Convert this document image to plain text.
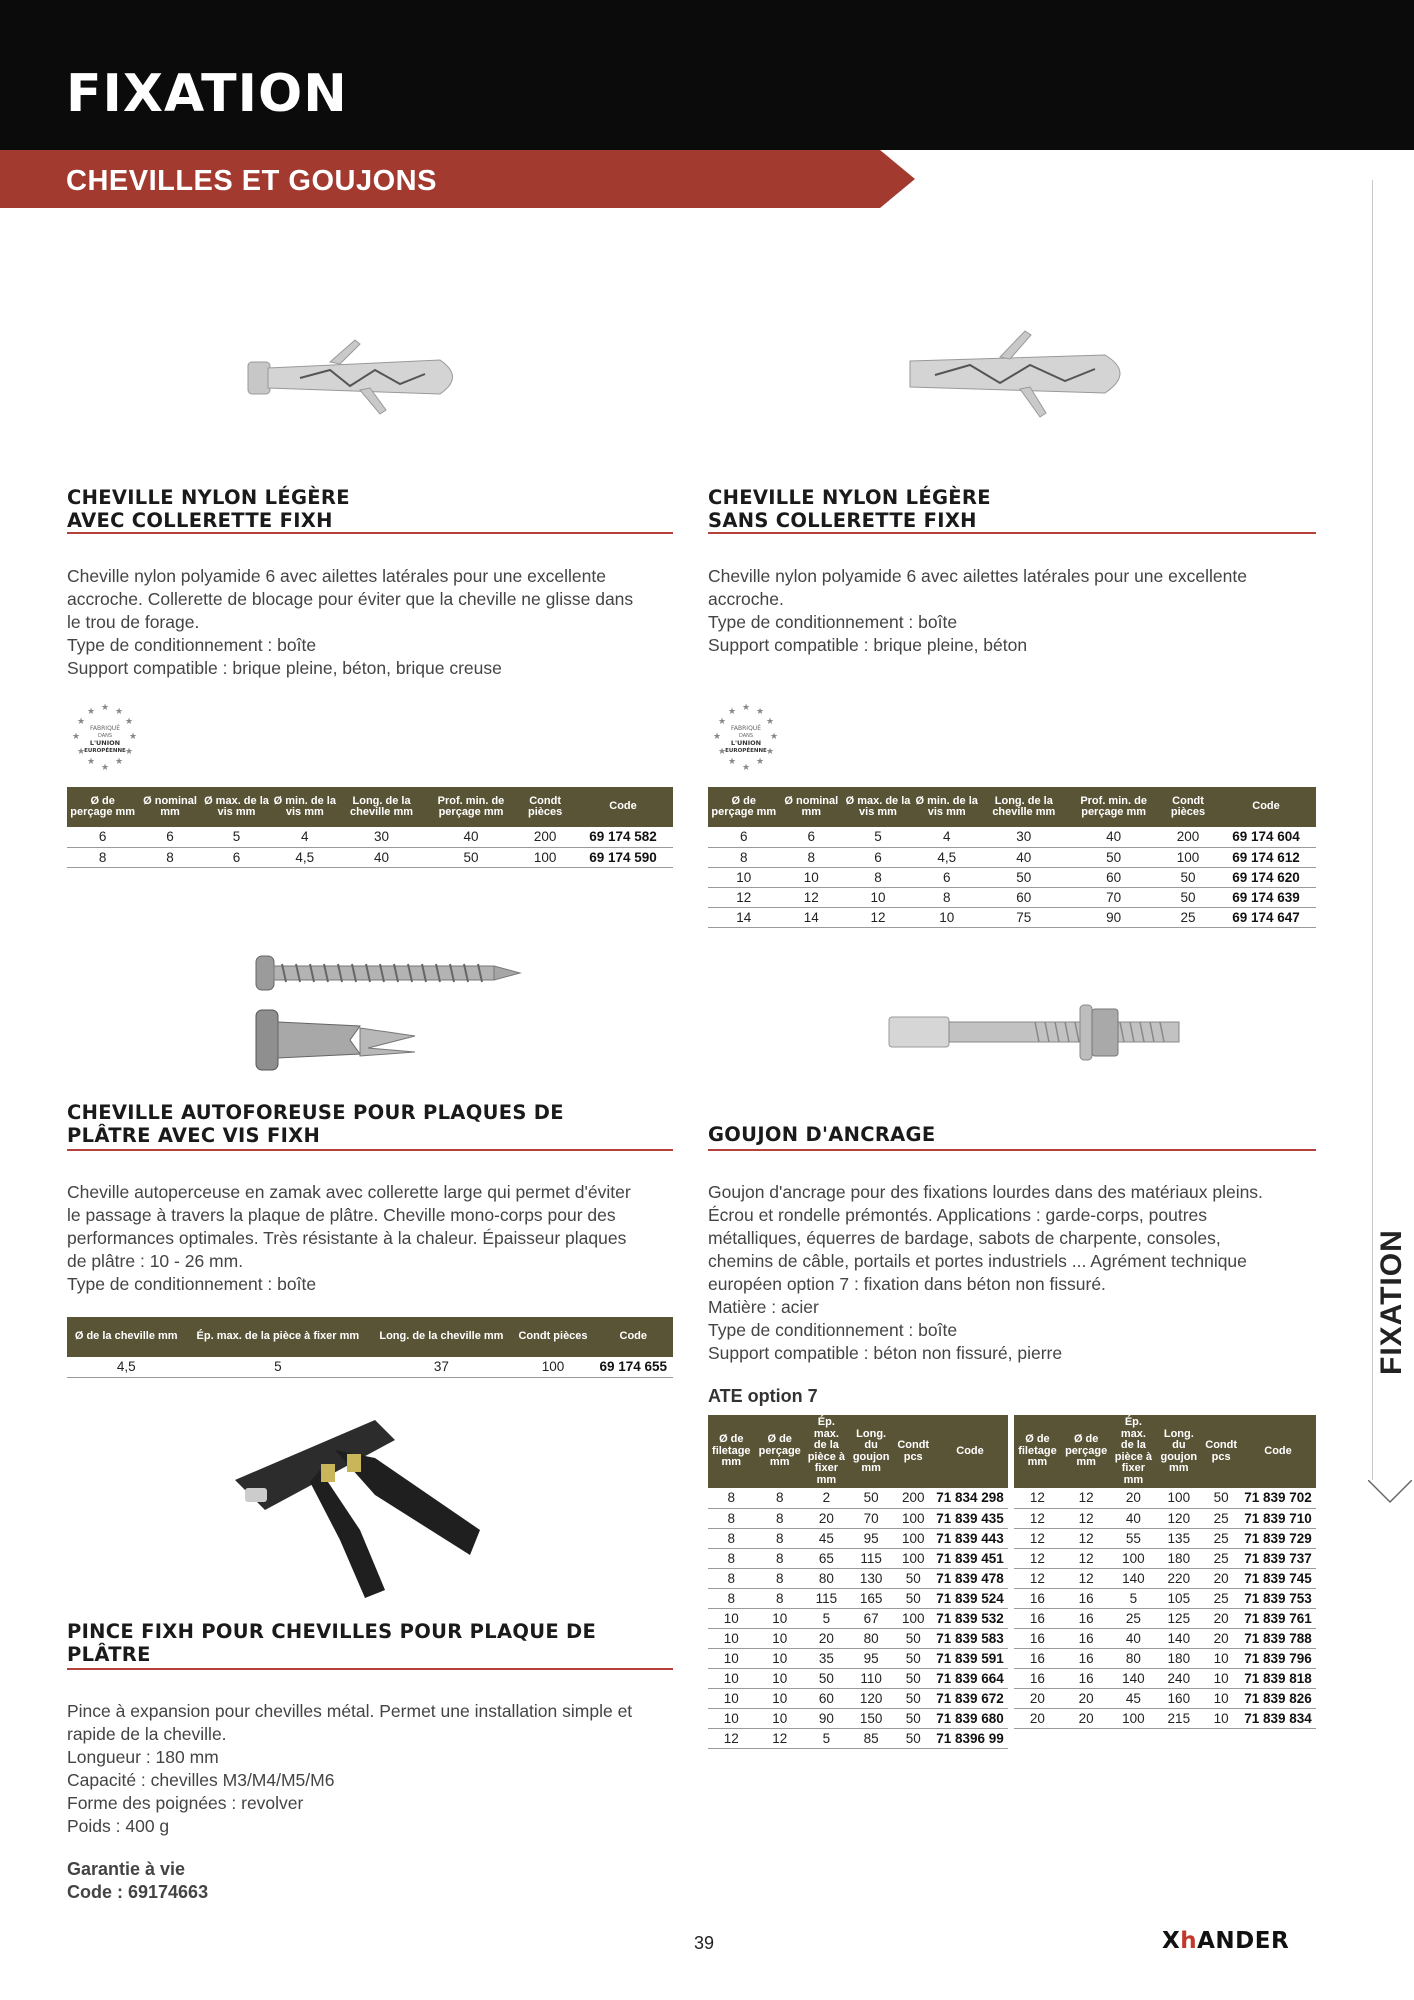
FIXATION
CHEVILLES ET GOUJONS
FIXATION
CHEVILLE NYLON LÉGÈRE
AVEC COLLERETTE FIXH
Cheville nylon polyamide 6 avec ailettes latérales pour une excellente
accroche. Collerette de blocage pour éviter que la cheville ne glisse dans
le trou de forage.
Type de conditionnement : boîte
Support compatible : brique pleine, béton, brique creuse
★ ★
★
★
★
★
★
★
★
★
★
★
FABRIQUÉ
DANS
L'UNION
EUROPÉENNE
Ø de perçage mm	Ø nominal mm	Ø max. de la vis mm	Ø min. de la vis mm	Long. de la cheville mm	Prof. min. de perçage mm	Condt pièces	Code
6	6	5	4	30	40	200	69 174 582
8	8	6	4,5	40	50	100	69 174 590
CHEVILLE NYLON LÉGÈRE
SANS COLLERETTE FIXH
Cheville nylon polyamide 6 avec ailettes latérales pour une excellente
accroche.
Type de conditionnement : boîte
Support compatible : brique pleine, béton
★ ★
★
★
★
★
★
★
★
★
★
★
FABRIQUÉ
DANS
L'UNION
EUROPÉENNE
Ø de perçage mm	Ø nominal mm	Ø max. de la vis mm	Ø min. de la vis mm	Long. de la cheville mm	Prof. min. de perçage mm	Condt pièces	Code
6	6	5	4	30	40	200	69 174 604
8	8	6	4,5	40	50	100	69 174 612
10	10	8	6	50	60	50	69 174 620
12	12	10	8	60	70	50	69 174 639
14	14	12	10	75	90	25	69 174 647
CHEVILLE AUTOFOREUSE POUR PLAQUES DE
PLÂTRE AVEC VIS FIXH
Cheville autoperceuse en zamak avec collerette large qui permet d'éviter
le passage à travers la plaque de plâtre. Cheville mono-corps pour des
performances optimales. Très résistante à la chaleur. Épaisseur plaques
de plâtre : 10 - 26 mm.
Type de conditionnement : boîte
Ø de la cheville mm	Ép. max. de la pièce à fixer mm	Long. de la cheville mm	Condt pièces	Code
4,5	5	37	100	69 174 655
GOUJON D'ANCRAGE
Goujon d'ancrage pour des fixations lourdes dans des matériaux pleins.
Écrou et rondelle prémontés. Applications : garde-corps, poutres
métalliques, équerres de bardage, sabots de charpente, consoles,
chemins de câble, portails et portes industriels ... Agrément technique
européen option 7 : fixation dans béton non fissuré.
Matière : acier
Type de conditionnement : boîte
Support compatible : béton non fissuré, pierre
ATE option 7
Ø de filetage mm	Ø de perçage mm	Ép. max. de la pièce à fixer mm	Long. du goujon mm	Condt pcs	Code
8	8	2	50	200	71 834 298
8	8	20	70	100	71 839 435
8	8	45	95	100	71 839 443
8	8	65	115	100	71 839 451
8	8	80	130	50	71 839 478
8	8	115	165	50	71 839 524
10	10	5	67	100	71 839 532
10	10	20	80	50	71 839 583
10	10	35	95	50	71 839 591
10	10	50	110	50	71 839 664
10	10	60	120	50	71 839 672
10	10	90	150	50	71 839 680
12	12	5	85	50	71 8396 99
Ø de filetage mm	Ø de perçage mm	Ép. max. de la pièce à fixer mm	Long. du goujon mm	Condt pcs	Code
12	12	20	100	50	71 839 702
12	12	40	120	25	71 839 710
12	12	55	135	25	71 839 729
12	12	100	180	25	71 839 737
12	12	140	220	20	71 839 745
16	16	5	105	25	71 839 753
16	16	25	125	20	71 839 761
16	16	40	140	20	71 839 788
16	16	80	180	10	71 839 796
16	16	140	240	10	71 839 818
20	20	45	160	10	71 839 826
20	20	100	215	10	71 839 834
PINCE FIXH POUR CHEVILLES POUR PLAQUE DE
PLÂTRE
Pince à expansion pour chevilles métal. Permet une installation simple et
rapide de la cheville.
Longueur : 180 mm
Capacité : chevilles M3/M4/M5/M6
Forme des poignées : revolver
Poids : 400 g
Garantie à vie
Code : 69174663
39	XhANDER
